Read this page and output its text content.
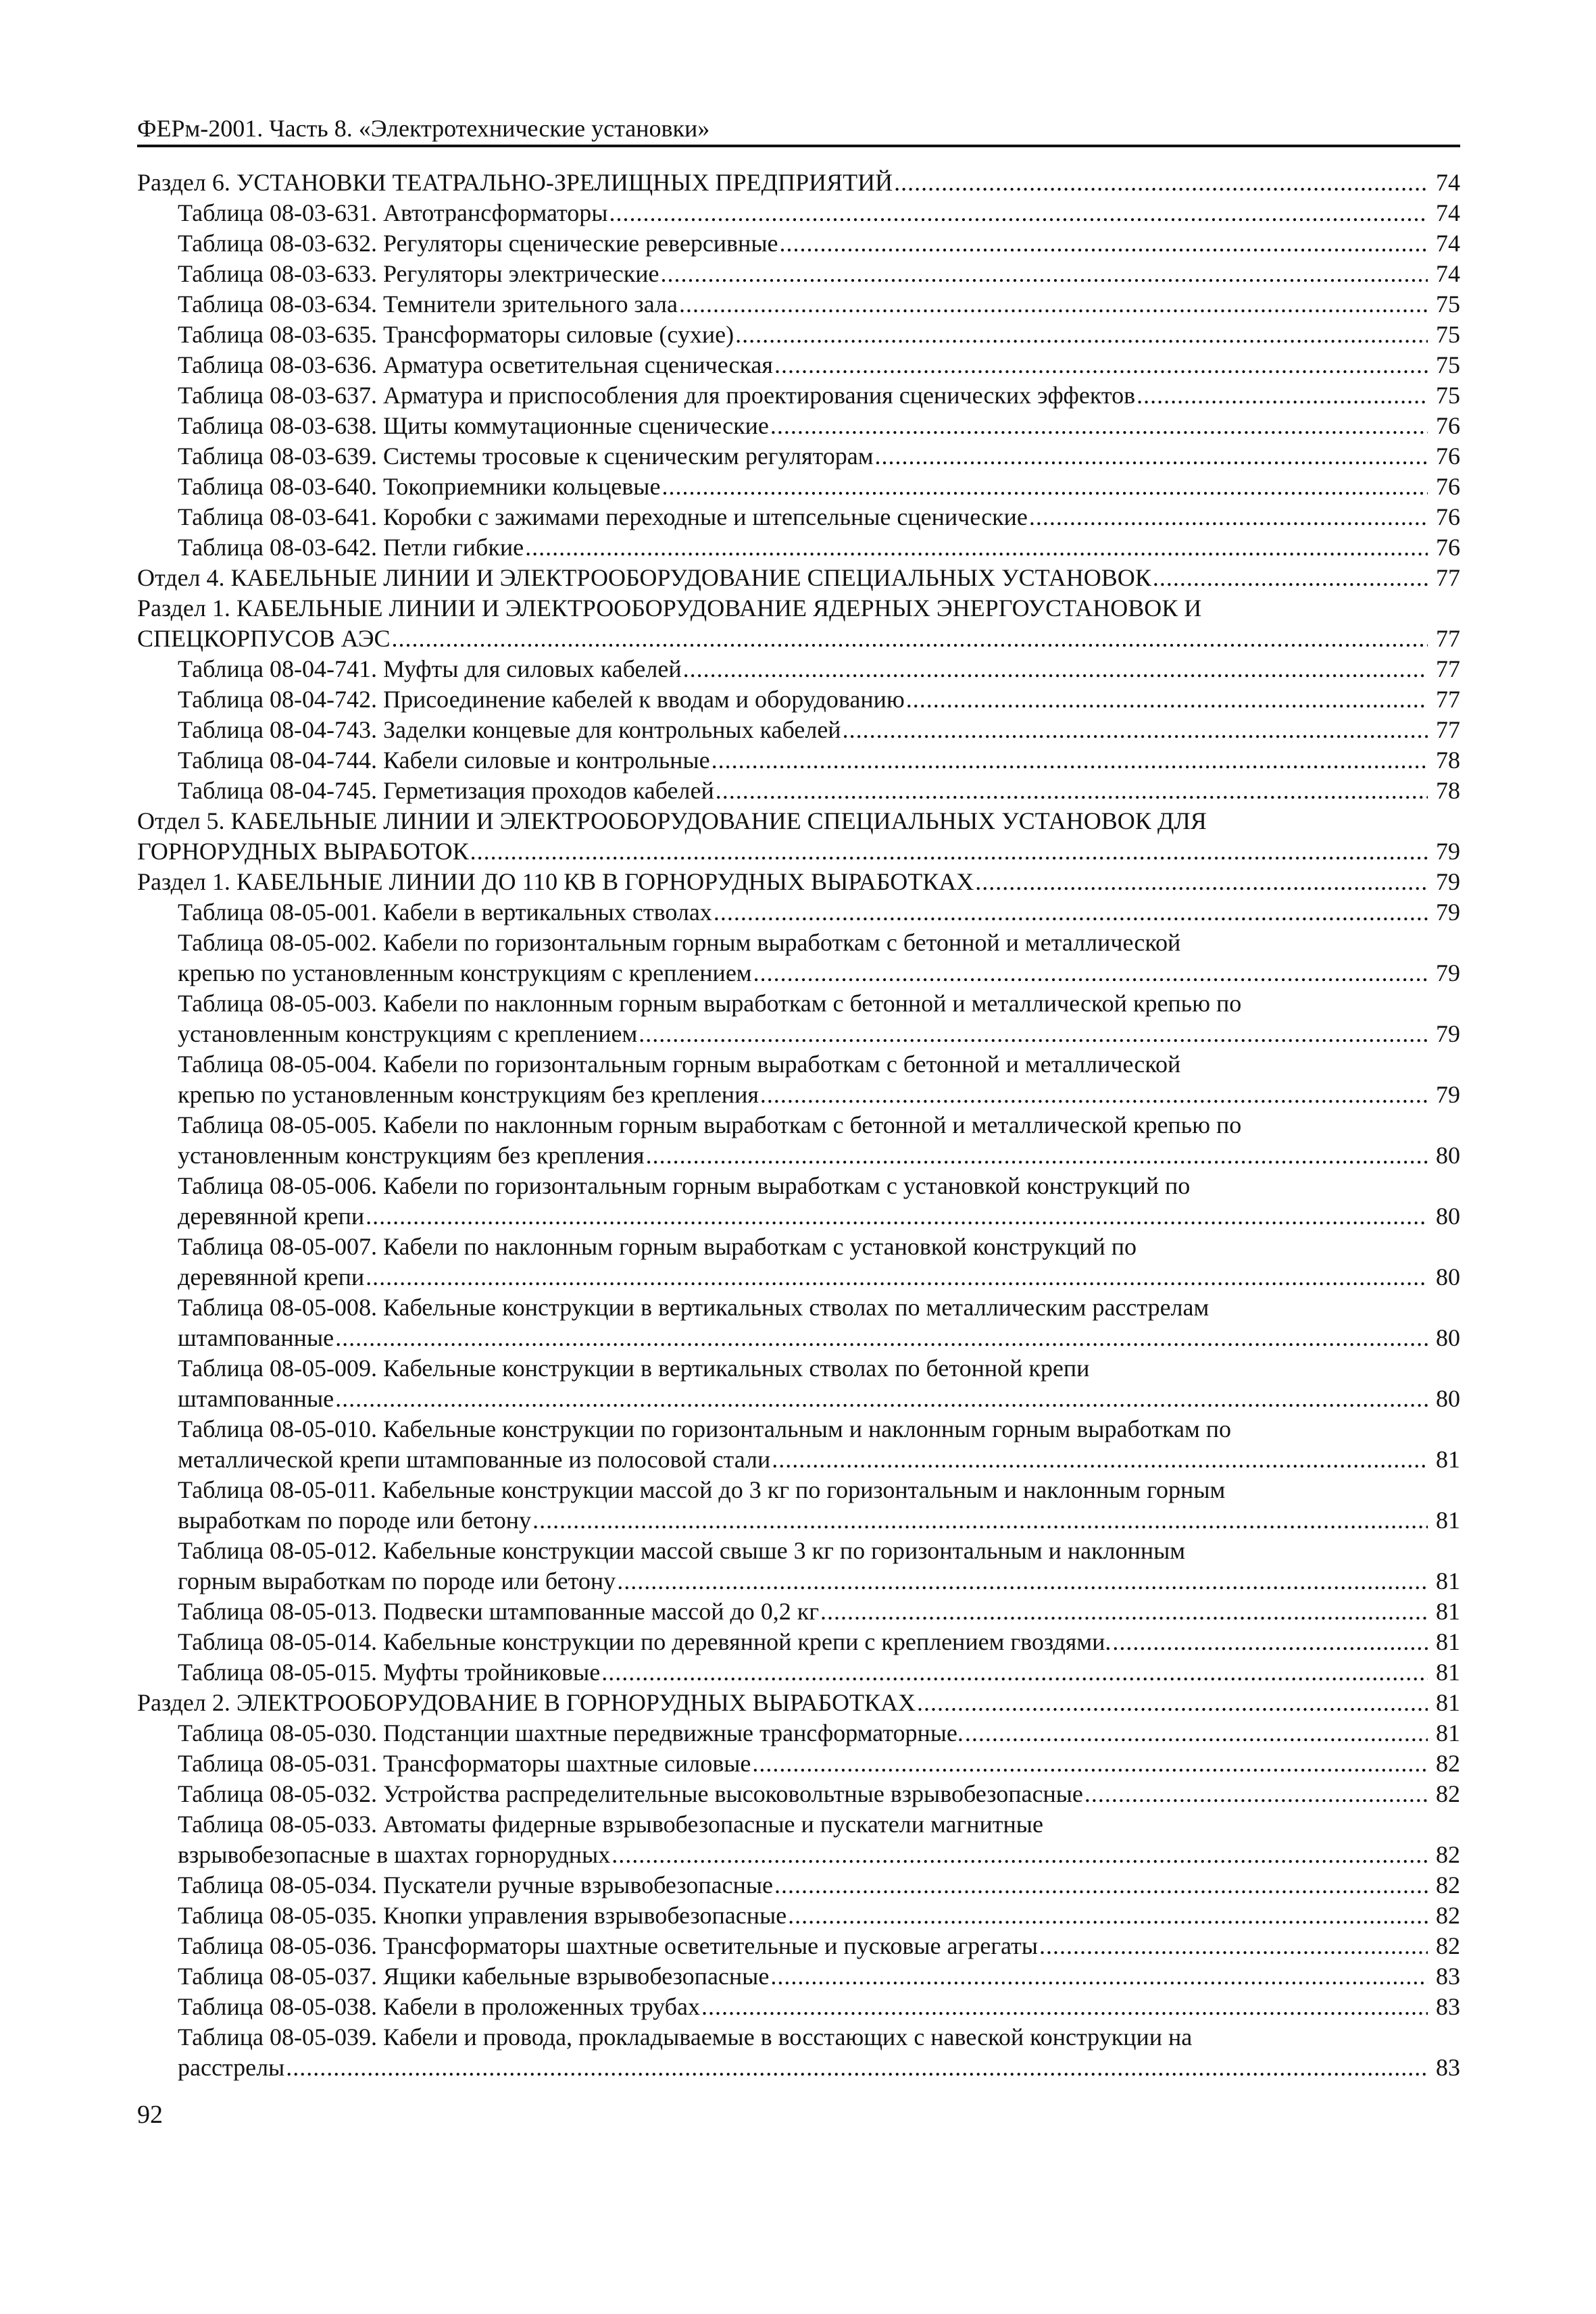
ФЕРм-2001. Часть 8. «Электротехнические установки»
Раздел 6. УСТАНОВКИ ТЕАТРАЛЬНО-ЗРЕЛИЩНЫХ ПРЕДПРИЯТИЙ .....	74
Таблица 08-03-631. Автотрансформаторы .....	74
Таблица 08-03-632. Регуляторы сценические реверсивные .....	74
Таблица 08-03-633. Регуляторы электрические .....	74
Таблица 08-03-634. Темнители зрительного зала .....	75
Таблица 08-03-635. Трансформаторы силовые (сухие) .....	75
Таблица 08-03-636. Арматура осветительная сценическая .....	75
Таблица 08-03-637. Арматура и приспособления для проектирования сценических эффектов .....	75
Таблица 08-03-638. Щиты коммутационные сценические .....	76
Таблица 08-03-639. Системы тросовые к сценическим регуляторам .....	76
Таблица 08-03-640. Токоприемники кольцевые .....	76
Таблица 08-03-641. Коробки с зажимами переходные и штепсельные сценические .....	76
Таблица 08-03-642. Петли гибкие .....	76
Отдел 4. КАБЕЛЬНЫЕ ЛИНИИ И ЭЛЕКТРООБОРУДОВАНИЕ СПЕЦИАЛЬНЫХ УСТАНОВОК .....	77
Раздел 1. КАБЕЛЬНЫЕ ЛИНИИ И ЭЛЕКТРООБОРУДОВАНИЕ ЯДЕРНЫХ ЭНЕРГОУСТАНОВОК И
СПЕЦКОРПУСОВ АЭС .....	77
Таблица 08-04-741. Муфты для силовых кабелей .....	77
Таблица 08-04-742. Присоединение кабелей к вводам и оборудованию .....	77
Таблица 08-04-743. Заделки концевые для контрольных кабелей .....	77
Таблица 08-04-744. Кабели силовые и контрольные .....	78
Таблица 08-04-745. Герметизация проходов кабелей .....	78
Отдел 5. КАБЕЛЬНЫЕ ЛИНИИ И ЭЛЕКТРООБОРУДОВАНИЕ СПЕЦИАЛЬНЫХ УСТАНОВОК ДЛЯ
ГОРНОРУДНЫХ ВЫРАБОТОК .....	79
Раздел 1. КАБЕЛЬНЫЕ ЛИНИИ ДО 110 КВ В ГОРНОРУДНЫХ ВЫРАБОТКАХ .....	79
Таблица 08-05-001. Кабели в вертикальных стволах .....	79
Таблица 08-05-002. Кабели по горизонтальным горным выработкам с бетонной и металлической
крепью по установленным конструкциям с креплением .....	79
Таблица 08-05-003. Кабели по наклонным горным выработкам с бетонной и металлической крепью по
установленным конструкциям с креплением .....	79
Таблица 08-05-004. Кабели по горизонтальным горным выработкам с бетонной и металлической
крепью по установленным конструкциям без крепления .....	79
Таблица 08-05-005. Кабели по наклонным горным выработкам с бетонной и металлической крепью по
установленным конструкциям без крепления .....	80
Таблица 08-05-006. Кабели по горизонтальным горным выработкам с установкой конструкций по
деревянной крепи .....	80
Таблица 08-05-007. Кабели по наклонным горным выработкам с установкой конструкций по
деревянной крепи .....	80
Таблица 08-05-008. Кабельные конструкции в вертикальных стволах по металлическим расстрелам
штампованные .....	80
Таблица 08-05-009. Кабельные конструкции в вертикальных стволах по бетонной крепи
штампованные .....	80
Таблица 08-05-010. Кабельные конструкции по горизонтальным и наклонным горным выработкам по
металлической крепи штампованные из полосовой стали .....	81
Таблица 08-05-011. Кабельные конструкции массой до 3 кг по горизонтальным и наклонным горным
выработкам по породе или бетону .....	81
Таблица 08-05-012. Кабельные конструкции массой свыше 3 кг по горизонтальным и наклонным
горным выработкам по породе или бетону .....	81
Таблица 08-05-013. Подвески штампованные массой до 0,2 кг .....	81
Таблица 08-05-014. Кабельные конструкции по деревянной крепи с креплением гвоздями. .....	81
Таблица 08-05-015. Муфты тройниковые .....	81
Раздел 2. ЭЛЕКТРООБОРУДОВАНИЕ В ГОРНОРУДНЫХ ВЫРАБОТКАХ .....	81
Таблица 08-05-030. Подстанции шахтные передвижные трансформаторные. .....	81
Таблица 08-05-031. Трансформаторы шахтные силовые .....	82
Таблица 08-05-032. Устройства распределительные высоковольтные взрывобезопасные .....	82
Таблица 08-05-033. Автоматы фидерные взрывобезопасные и пускатели магнитные
взрывобезопасные в шахтах горнорудных .....	82
Таблица 08-05-034. Пускатели ручные взрывобезопасные .....	82
Таблица 08-05-035. Кнопки управления взрывобезопасные .....	82
Таблица 08-05-036. Трансформаторы шахтные осветительные и пусковые агрегаты .....	82
Таблица 08-05-037. Ящики кабельные взрывобезопасные .....	83
Таблица 08-05-038. Кабели в проложенных трубах .....	83
Таблица 08-05-039. Кабели и провода, прокладываемые в восстающих с навеской конструкции на
расстрелы .....	83
92
